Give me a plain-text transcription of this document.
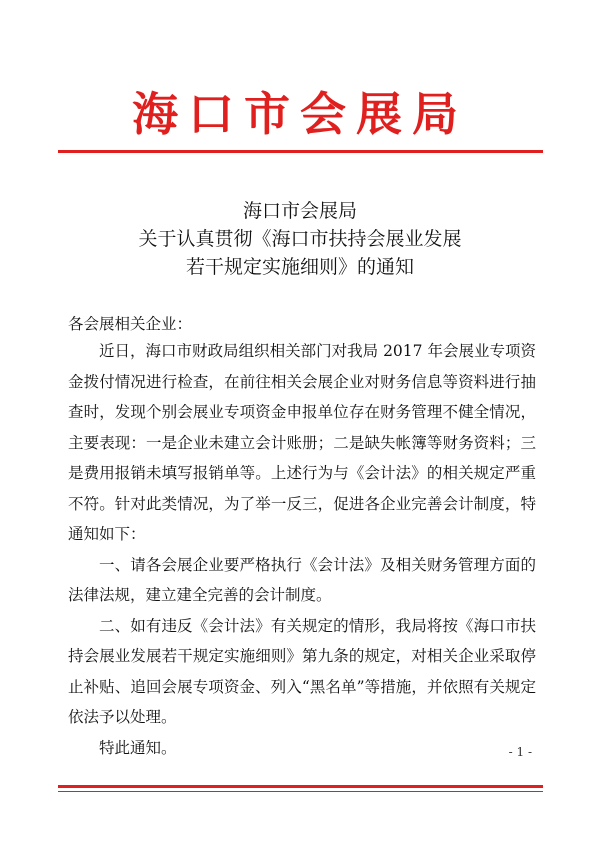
海口市会展局
海口市会展局
关于认真贯彻《海口市扶持会展业发展
若干规定实施细则》的通知
各会展相关企业：

近日，海口市财政局组织相关部门对我局 2017 年会展业专项资金拨付情况进行检查，在前往相关会展企业对财务信息等资料进行抽查时，发现个别会展业专项资金申报单位存在财务管理不健全情况，主要表现：一是企业未建立会计账册；二是缺失帐簿等财务资料；三是费用报销未填写报销单等。上述行为与《会计法》的相关规定严重不符。针对此类情况，为了举一反三，促进各企业完善会计制度，特通知如下：

一、请各会展企业要严格执行《会计法》及相关财务管理方面的法律法规，建立建全完善的会计制度。

二、如有违反《会计法》有关规定的情形，我局将按《海口市扶持会展业发展若干规定实施细则》第九条的规定，对相关企业采取停止补贴、追回会展专项资金、列入“黑名单”等措施，并依照有关规定依法予以处理。

特此通知。	- 1 -
